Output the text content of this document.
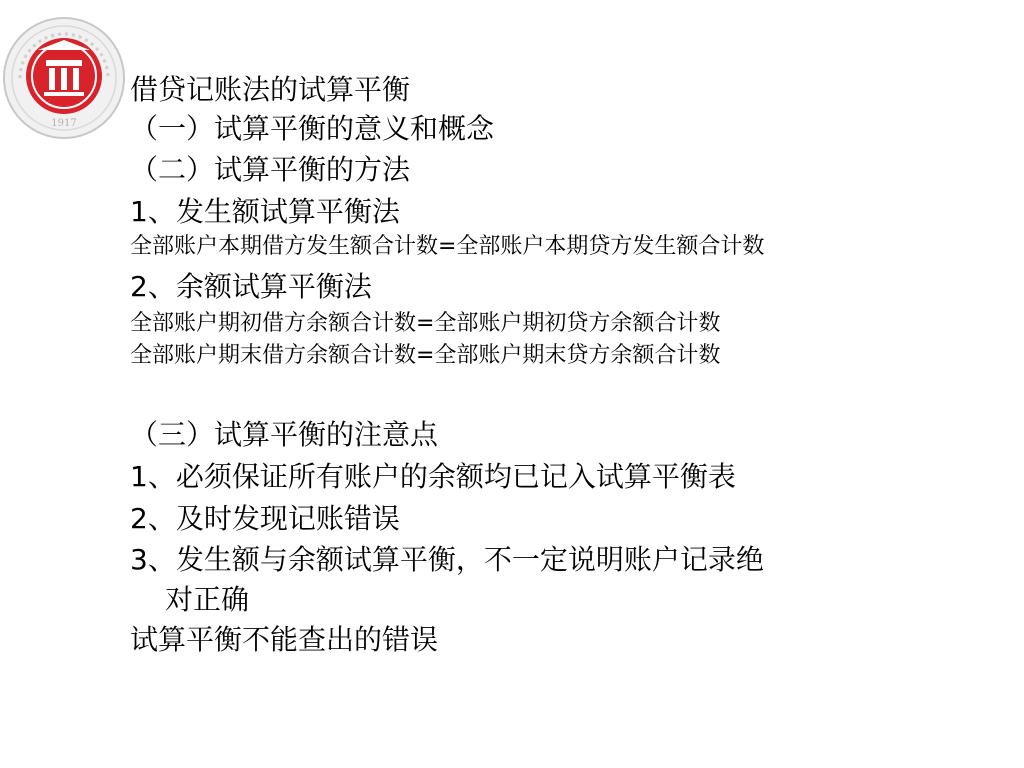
1917
借贷记账法的试算平衡
（一）试算平衡的意义和概念
（二）试算平衡的方法
1、发生额试算平衡法
全部账户本期借方发生额合计数=全部账户本期贷方发生额合计数
2、余额试算平衡法
全部账户期初借方余额合计数=全部账户期初贷方余额合计数
全部账户期末借方余额合计数=全部账户期末贷方余额合计数
（三）试算平衡的注意点
1、必须保证所有账户的余额均已记入试算平衡表
2、及时发现记账错误
3、发生额与余额试算平衡，不一定说明账户记录绝
对正确
试算平衡不能查出的错误
